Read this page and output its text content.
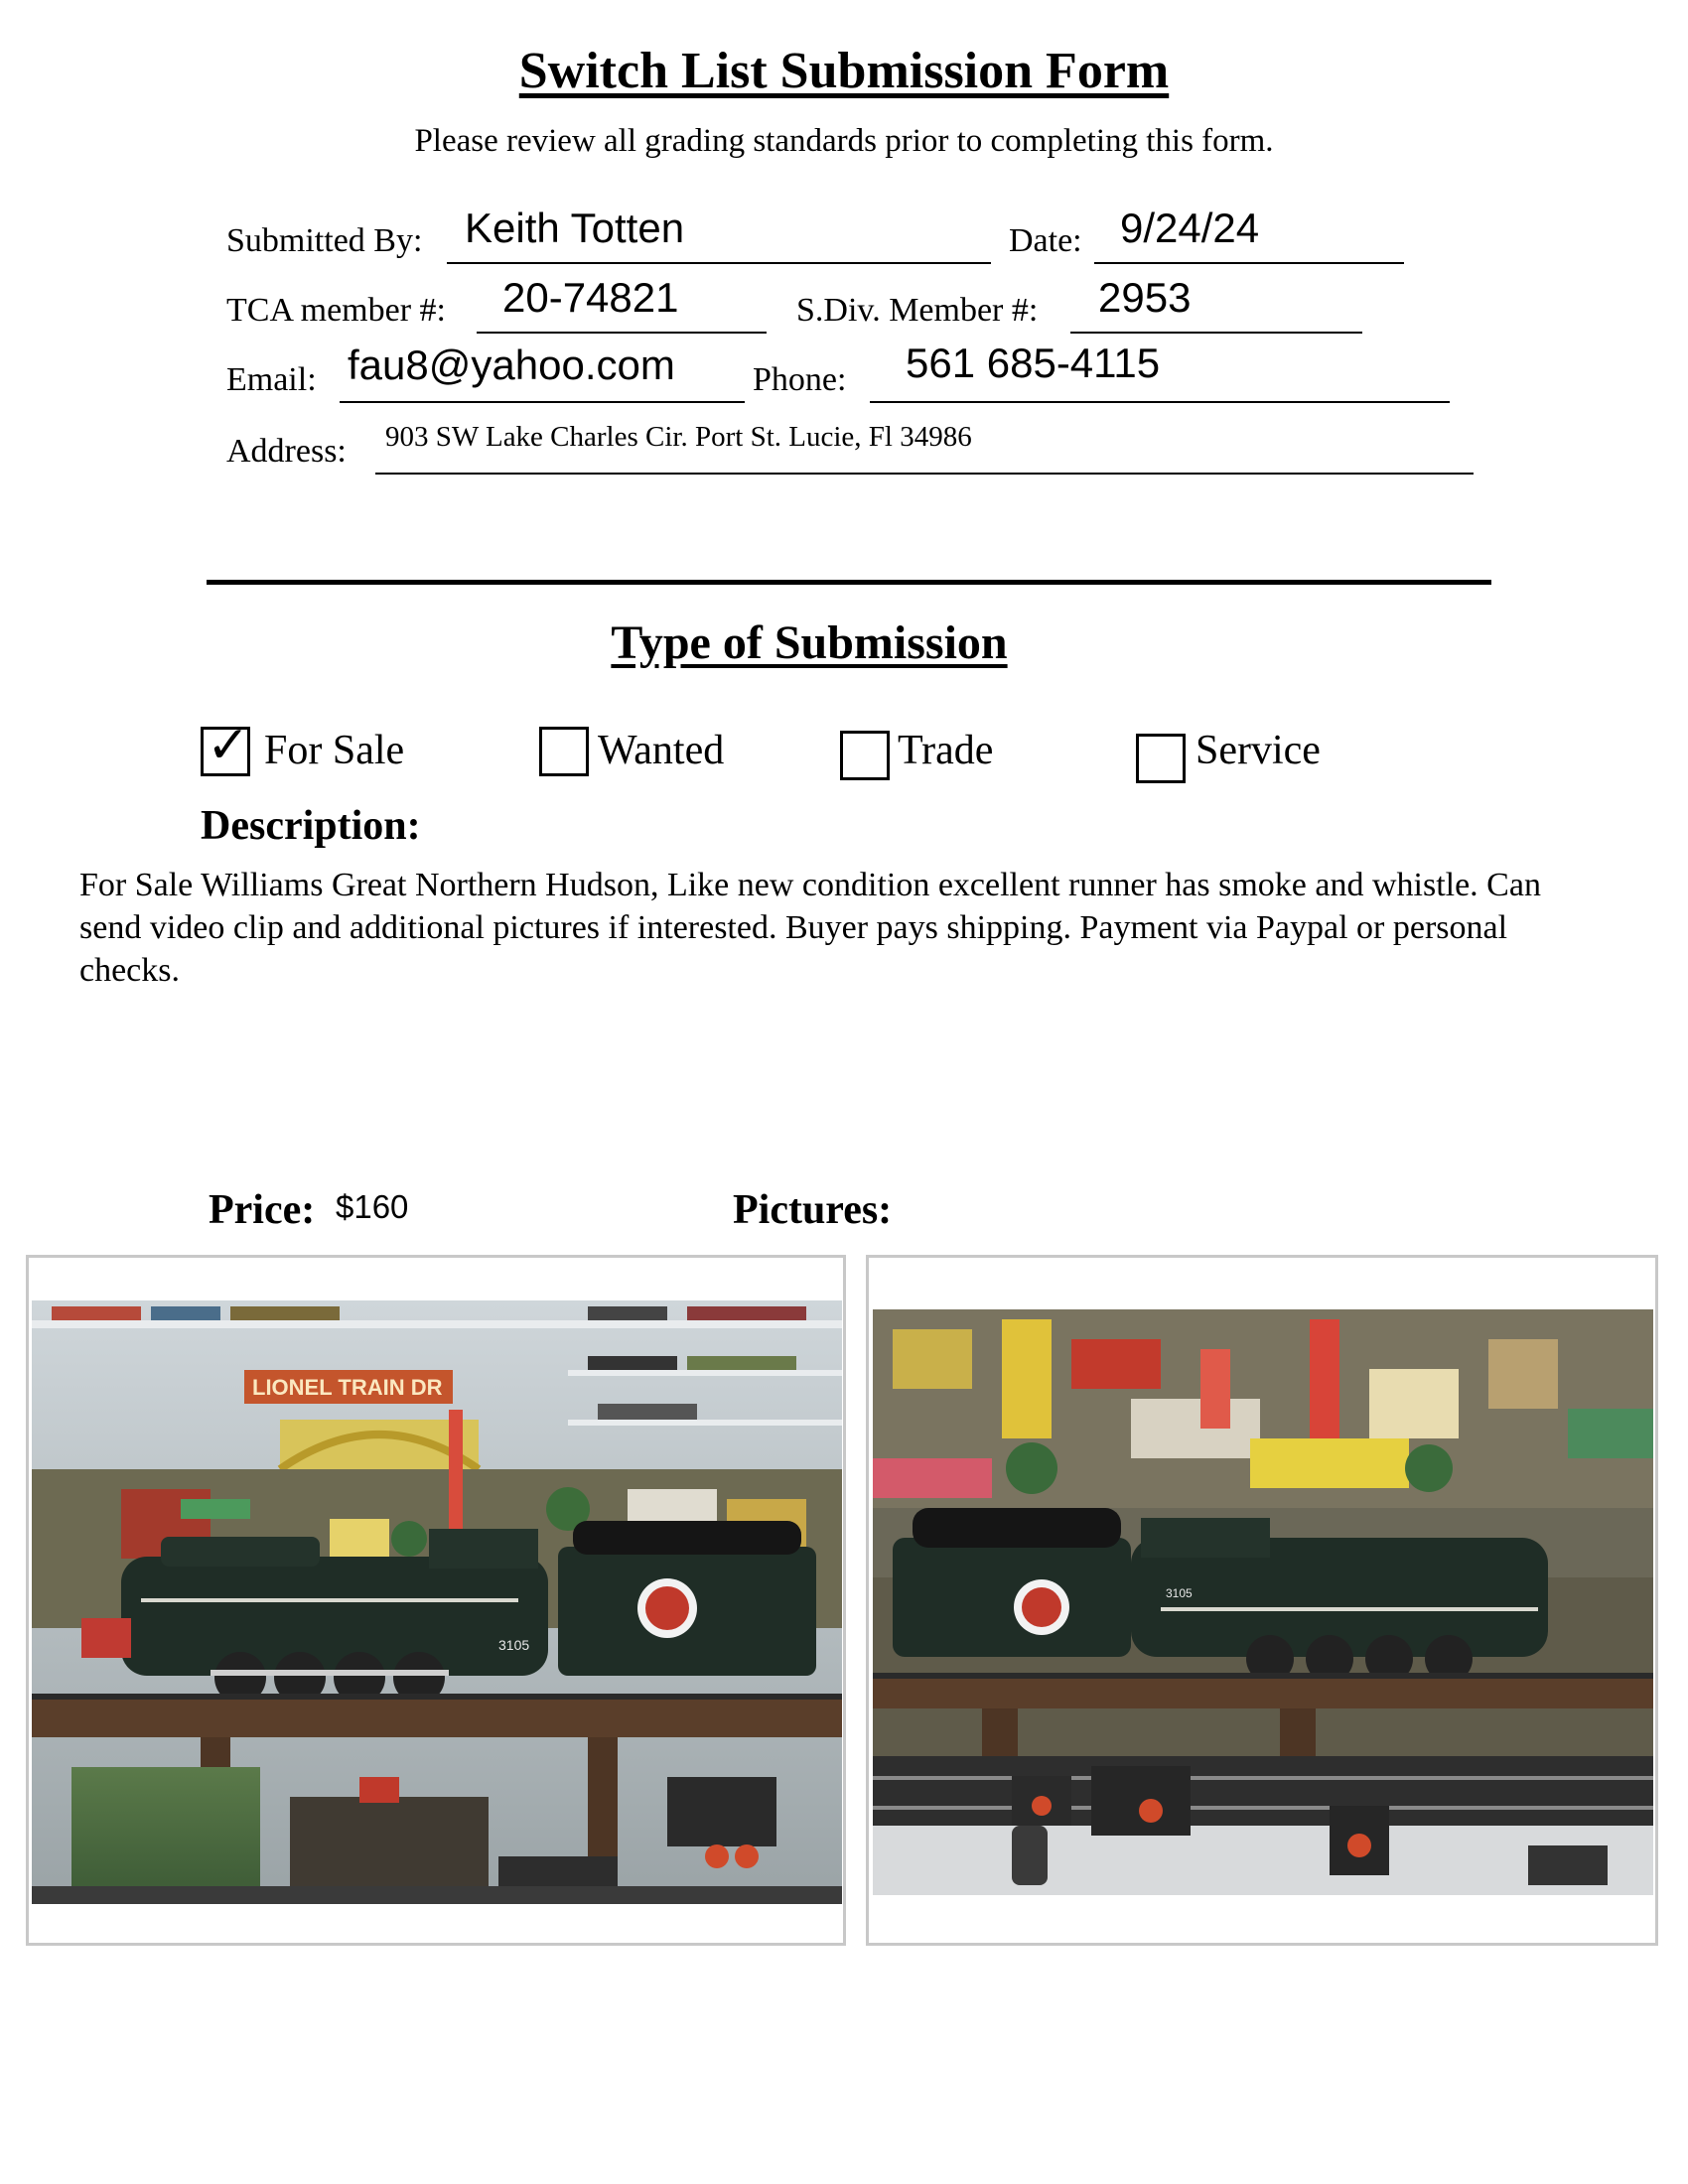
Switch List Submission Form
Please review all grading standards prior to completing this form.
Submitted By: Keith Totten	Date: 9/24/24
TCA member #: 20-74821	S.Div. Member #: 2953
Email: fau8@yahoo.com Phone: 561 685-4115
Address: 903 SW Lake Charles Cir. Port St. Lucie, Fl 34986
Type of Submission
✓ For Sale	Wanted	Trade	Service
Description:
For Sale Williams Great Northern Hudson, Like new condition excellent runner has smoke and whistle. Can send video clip and additional pictures if interested. Buyer pays shipping. Payment via Paypal or personal checks.
Price: $160	Pictures:
LIONEL TRAIN DR
3105
3105
